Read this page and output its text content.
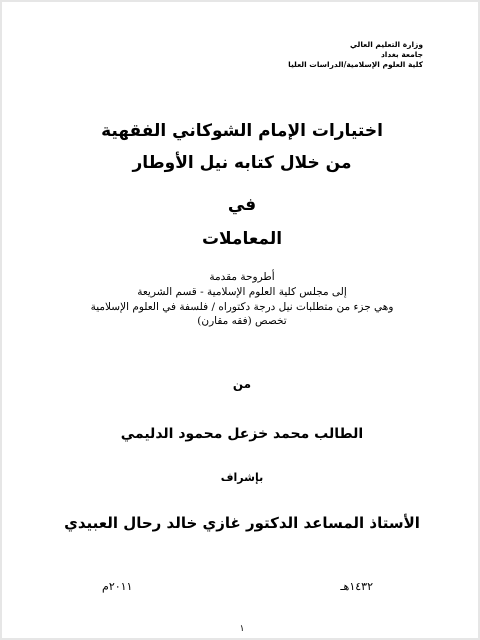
وزارة التعليم العالي
جامعة بغداد
كلية العلوم الإسلامية/الدراسات العليا
اختيارات الإمام الشوكاني الفقهية
من خلال كتابه نيل الأوطار
في
المعاملات
أطروحة مقدمة
إلى مجلس كلية العلوم الإسلامية - قسم الشريعة
وهي جزء من متطلبات نيل درجة دكتوراه / فلسفة في العلوم الإسلامية
تخصص (فقه مقارن)
من
الطالب محمد خزعل محمود الدليمي
بإشراف
الأستاذ المساعد الدكتور غازي خالد رحال العبيدي
١٤٣٢هـ
٢٠١١م
١
